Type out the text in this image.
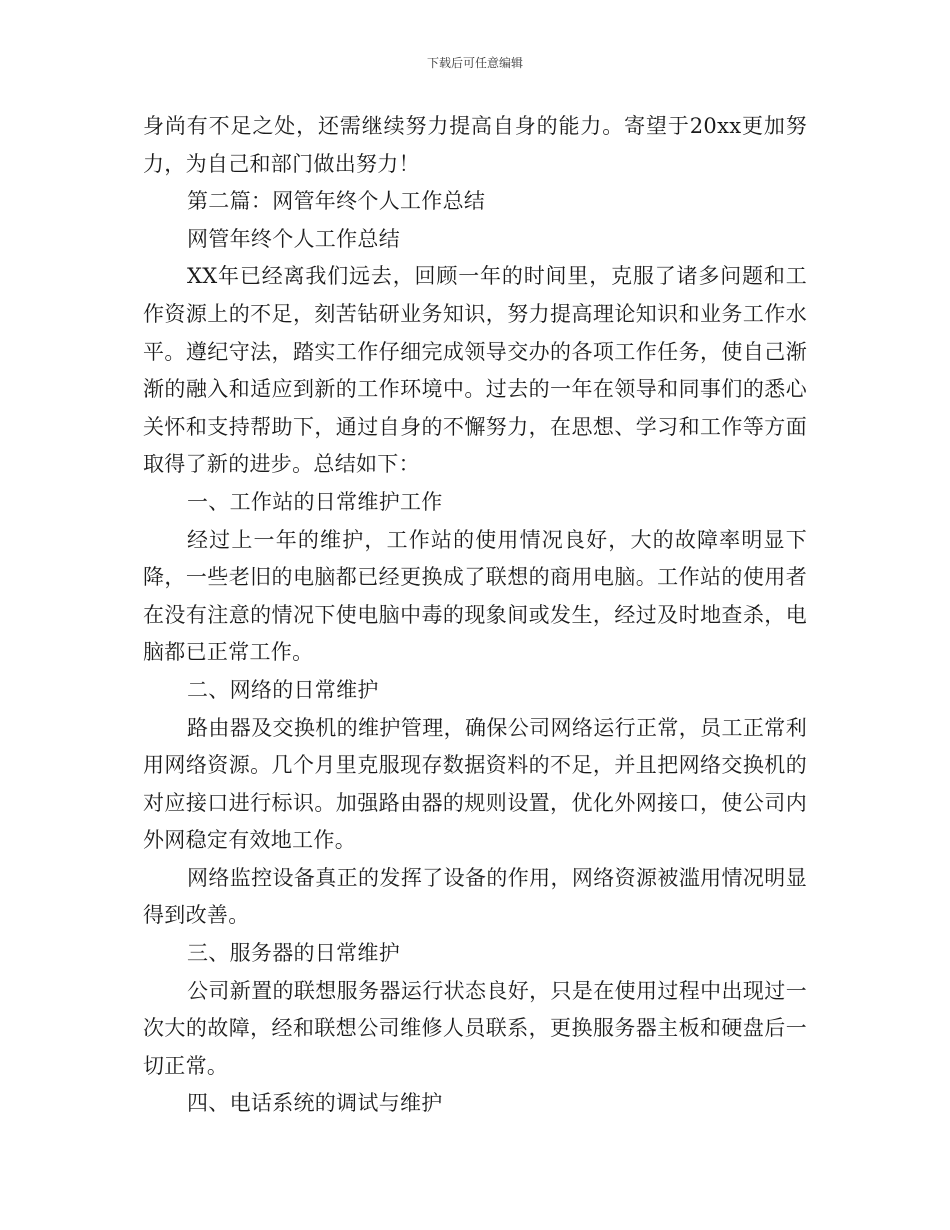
下载后可任意编辑

身尚有不足之处，还需继续努力提高自身的能力。寄望于20xx更加努力，为自己和部门做出努力！

第二篇：网管年终个人工作总结

网管年终个人工作总结

XX年已经离我们远去，回顾一年的时间里，克服了诸多问题和工作资源上的不足，刻苦钻研业务知识，努力提高理论知识和业务工作水平。遵纪守法，踏实工作仔细完成领导交办的各项工作任务，使自己渐渐的融入和适应到新的工作环境中。过去的一年在领导和同事们的悉心关怀和支持帮助下，通过自身的不懈努力，在思想、学习和工作等方面取得了新的进步。总结如下：

一、工作站的日常维护工作

经过上一年的维护，工作站的使用情况良好，大的故障率明显下降，一些老旧的电脑都已经更换成了联想的商用电脑。工作站的使用者在没有注意的情况下使电脑中毒的现象间或发生，经过及时地查杀，电脑都已正常工作。

二、网络的日常维护

路由器及交换机的维护管理，确保公司网络运行正常，员工正常利用网络资源。几个月里克服现存数据资料的不足，并且把网络交换机的对应接口进行标识。加强路由器的规则设置，优化外网接口，使公司内外网稳定有效地工作。

网络监控设备真正的发挥了设备的作用，网络资源被滥用情况明显得到改善。

三、服务器的日常维护

公司新置的联想服务器运行状态良好，只是在使用过程中出现过一次大的故障，经和联想公司维修人员联系，更换服务器主板和硬盘后一切正常。

四、电话系统的调试与维护
